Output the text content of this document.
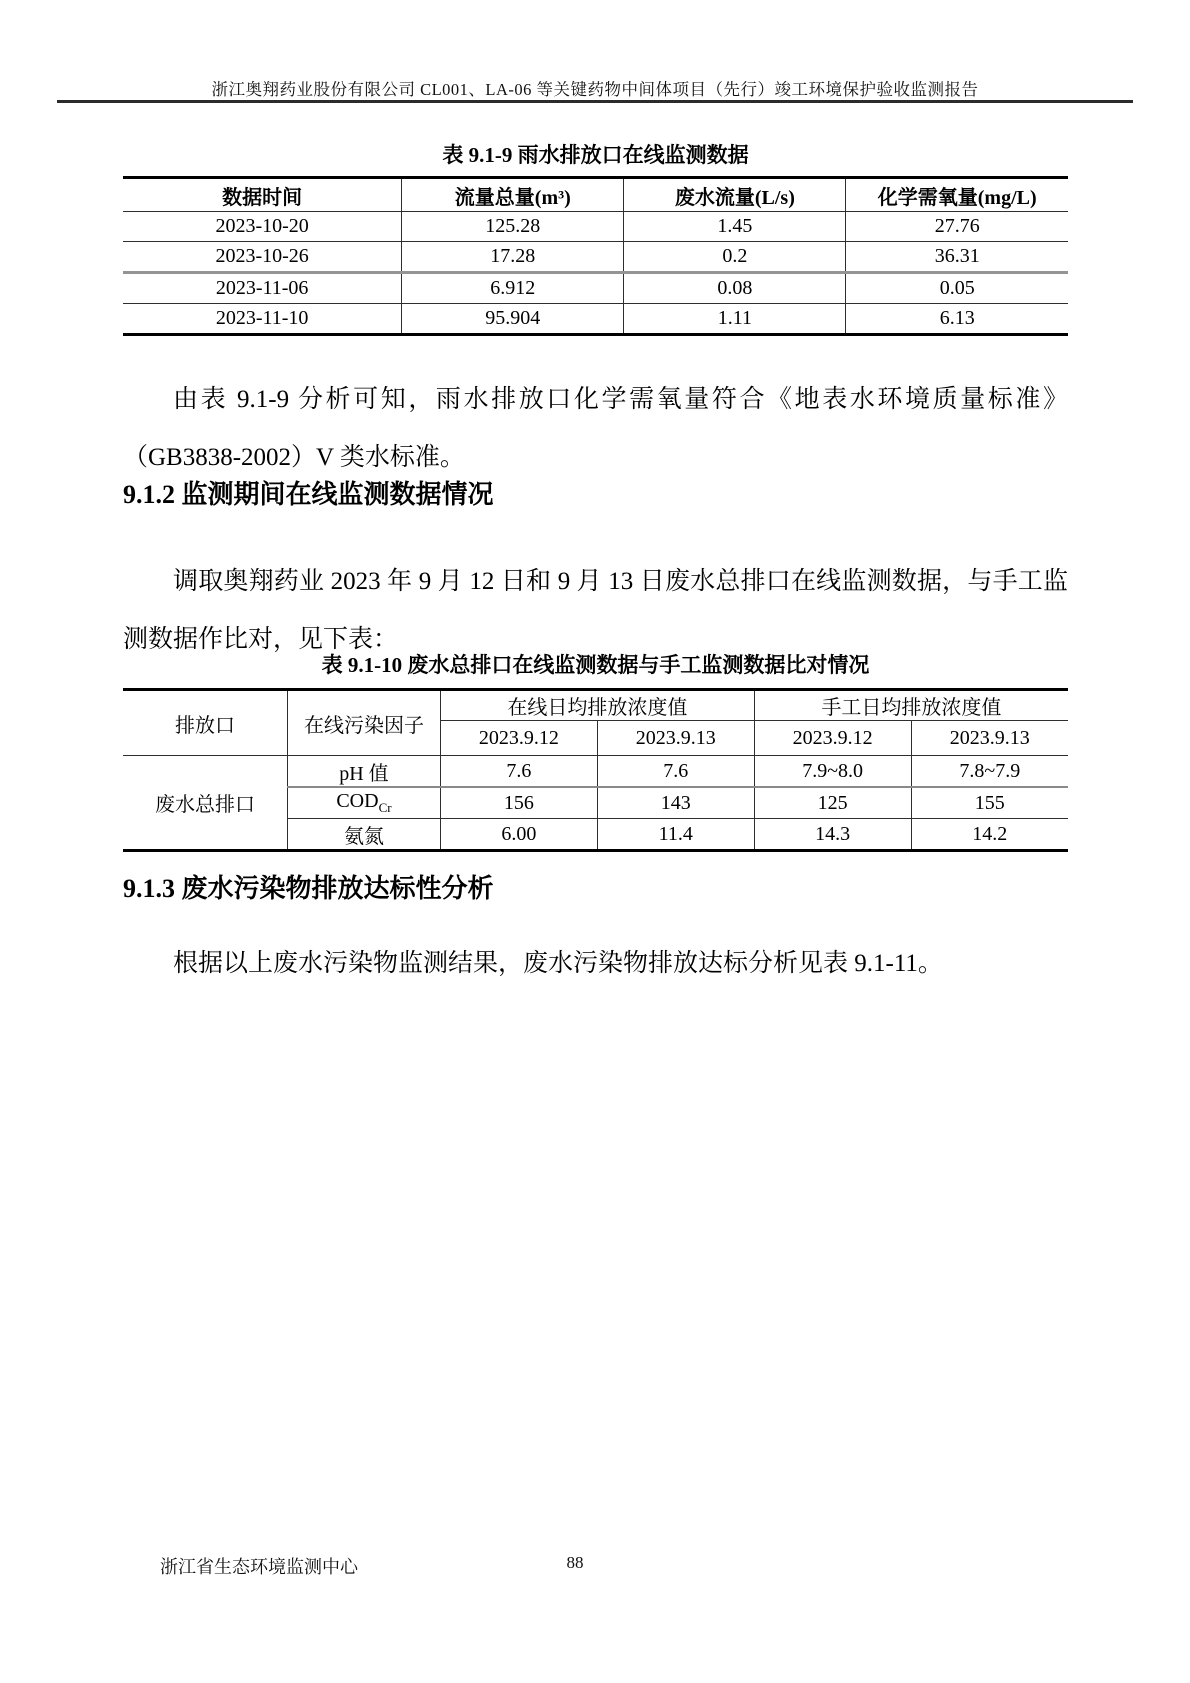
浙江奥翔药业股份有限公司 CL001、LA-06 等关键药物中间体项目（先行）竣工环境保护验收监测报告
表 9.1-9 雨水排放口在线监测数据
数据时间	流量总量(m³)	废水流量(L/s)	化学需氧量(mg/L)
2023-10-20	125.28	1.45	27.76
2023-10-26	17.28	0.2	36.31
2023-11-06	6.912	0.08	0.05
2023-11-10	95.904	1.11	6.13

由表 9.1-9 分析可知，雨水排放口化学需氧量符合《地表水环境质量标准》（GB3838-2002）V 类水标准。

9.1.2 监测期间在线监测数据情况

调取奥翔药业 2023 年 9 月 12 日和 9 月 13 日废水总排口在线监测数据，与手工监测数据作比对，见下表：

表 9.1-10 废水总排口在线监测数据与手工监测数据比对情况
排放口	在线污染因子	在线日均排放浓度值		手工日均排放浓度值	
		2023.9.12	2023.9.13	2023.9.12	2023.9.13
废水总排口	pH 值	7.6	7.6	7.9~8.0	7.8~7.9
	$COD_{Cr}$	156	143	125	155
	氨氮	6.00	11.4	14.3	14.2
9.1.3 废水污染物排放达标性分析

根据以上废水污染物监测结果，废水污染物排放达标分析见表 9.1-11。

浙江省生态环境监测中心	88
